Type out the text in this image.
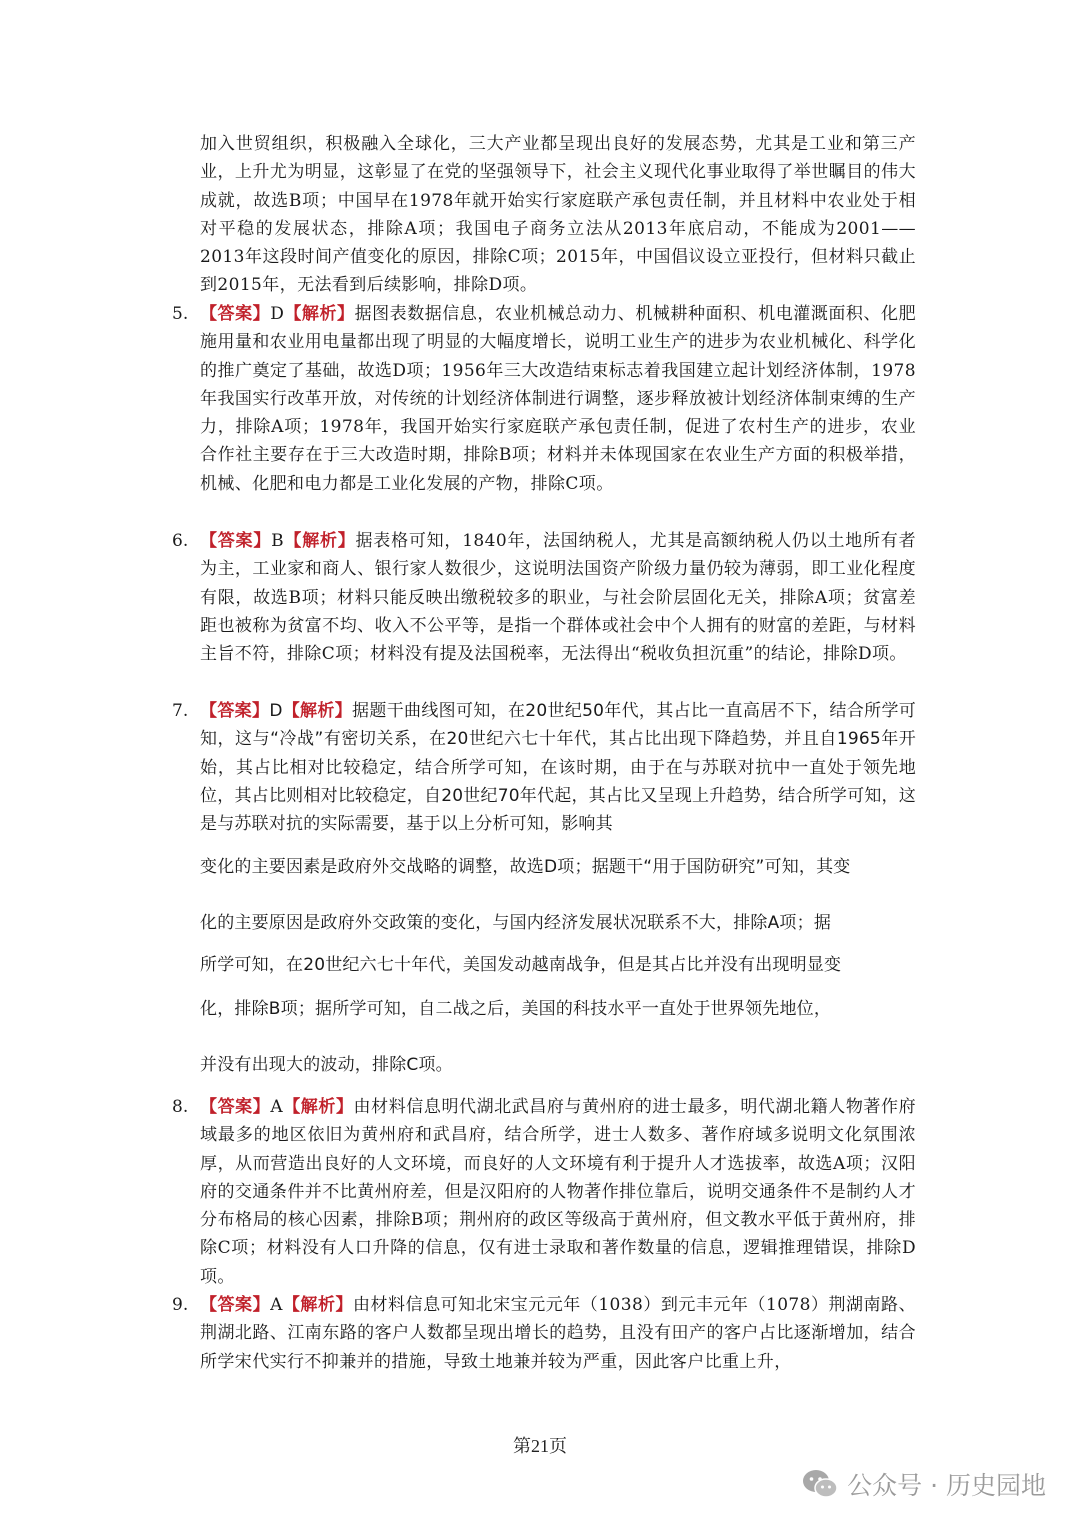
加入世贸组织，积极融入全球化，三大产业都呈现出良好的发展态势，尤其是工业和第三产业，上升尤为明显，这彰显了在党的坚强领导下，社会主义现代化事业取得了举世瞩目的伟大成就，故选B项；中国早在1978年就开始实行家庭联产承包责任制，并且材料中农业处于相对平稳的发展状态，排除A项；我国电子商务立法从2013年底启动，不能成为2001——2013年这段时间产值变化的原因，排除C项；2015年，中国倡议设立亚投行，但材料只截止到2015年，无法看到后续影响，排除D项。
5. 【答案】D【解析】据图表数据信息，农业机械总动力、机械耕种面积、机电灌溉面积、化肥施用量和农业用电量都出现了明显的大幅度增长，说明工业生产的进步为农业机械化、科学化的推广奠定了基础，故选D项；1956年三大改造结束标志着我国建立起计划经济体制，1978年我国实行改革开放，对传统的计划经济体制进行调整，逐步释放被计划经济体制束缚的生产力，排除A项；1978年，我国开始实行家庭联产承包责任制，促进了农村生产的进步，农业合作社主要存在于三大改造时期，排除B项；材料并未体现国家在农业生产方面的积极举措，机械、化肥和电力都是工业化发展的产物，排除C项。
6. 【答案】B【解析】据表格可知，1840年，法国纳税人，尤其是高额纳税人仍以土地所有者为主，工业家和商人、银行家人数很少，这说明法国资产阶级力量仍较为薄弱，即工业化程度有限，故选B项；材料只能反映出缴税较多的职业，与社会阶层固化无关，排除A项；贫富差距也被称为贫富不均、收入不公平等，是指一个群体或社会中个人拥有的财富的差距，与材料主旨不符，排除C项；材料没有提及法国税率，无法得出“税收负担沉重”的结论，排除D项。
7. 【答案】D【解析】据题干曲线图可知，在20世纪50年代，其占比一直高居不下，结合所学可知，这与“冷战”有密切关系，在20世纪六七十年代，其占比出现下降趋势，并且自1965年开始，其占比相对比较稳定，结合所学可知，在该时期，由于在与苏联对抗中一直处于领先地位，其占比则相对比较稳定，自20世纪70年代起，其占比又呈现上升趋势，结合所学可知，这是与苏联对抗的实际需要，基于以上分析可知，影响其
变化的主要因素是政府外交战略的调整，故选D项；据题干“用于国防研究”可知，其变
化的主要原因是政府外交政策的变化，与国内经济发展状况联系不大，排除A项；据
所学可知，在20世纪六七十年代，美国发动越南战争，但是其占比并没有出现明显变
化，排除B项；据所学可知，自二战之后，美国的科技水平一直处于世界领先地位，
并没有出现大的波动，排除C项。
8. 【答案】A【解析】由材料信息明代湖北武昌府与黄州府的进士最多，明代湖北籍人物著作府域最多的地区依旧为黄州府和武昌府，结合所学，进士人数多、著作府域多说明文化氛围浓厚，从而营造出良好的人文环境，而良好的人文环境有利于提升人才选拔率，故选A项；汉阳府的交通条件并不比黄州府差，但是汉阳府的人物著作排位靠后，说明交通条件不是制约人才分布格局的核心因素，排除B项；荆州府的政区等级高于黄州府，但文教水平低于黄州府，排除C项；材料没有人口升降的信息，仅有进士录取和著作数量的信息，逻辑推理错误，排除D项。
9. 【答案】A【解析】由材料信息可知北宋宝元元年（1038）到元丰元年（1078）荆湖南路、荆湖北路、江南东路的客户人数都呈现出增长的趋势，且没有田产的客户占比逐渐增加，结合所学宋代实行不抑兼并的措施，导致土地兼并较为严重，因此客户比重上升，
第21页
公众号 · 历史园地
